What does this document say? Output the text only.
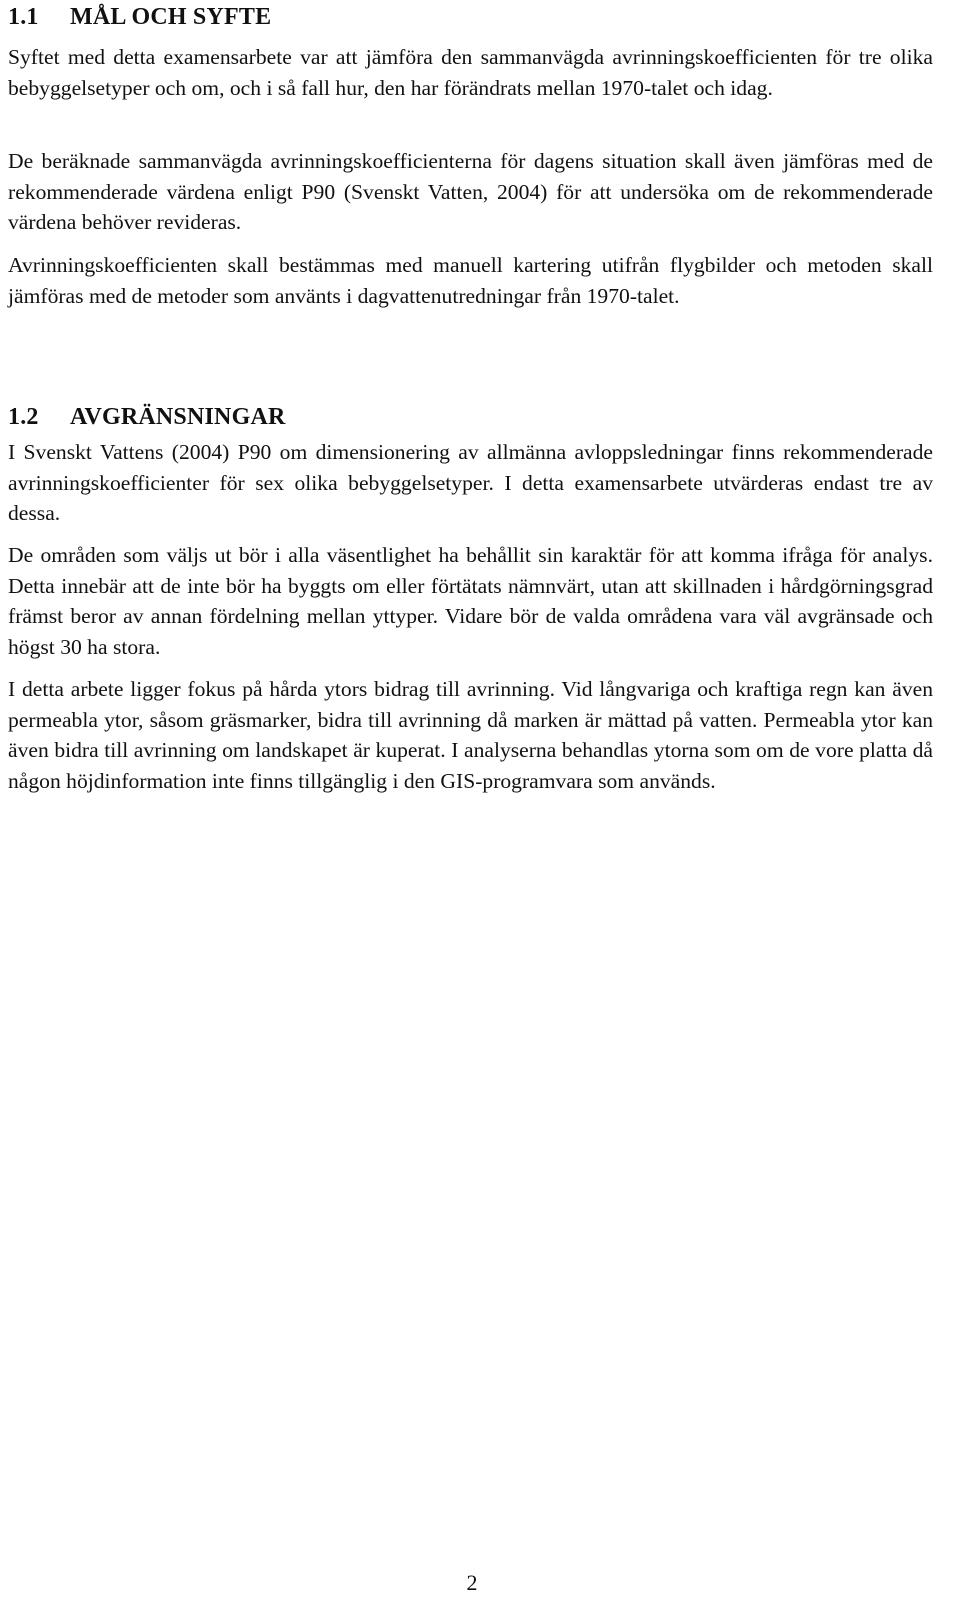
1.1 MÅL OCH SYFTE

Syftet med detta examensarbete var att jämföra den sammanvägda avrinningskoefficienten för tre olika bebyggelsetyper och om, och i så fall hur, den har förändrats mellan 1970-talet och idag.

De beräknade sammanvägda avrinningskoefficienterna för dagens situation skall även jämföras med de rekommenderade värdena enligt P90 (Svenskt Vatten, 2004) för att undersöka om de rekommenderade värdena behöver revideras.

Avrinningskoefficienten skall bestämmas med manuell kartering utifrån flygbilder och metoden skall jämföras med de metoder som använts i dagvattenutredningar från 1970-talet.

1.2 AVGRÄNSNINGAR

I Svenskt Vattens (2004) P90 om dimensionering av allmänna avloppsledningar finns rekommenderade avrinningskoefficienter för sex olika bebyggelsetyper. I detta examensarbete utvärderas endast tre av dessa.

De områden som väljs ut bör i alla väsentlighet ha behållit sin karaktär för att komma ifråga för analys. Detta innebär att de inte bör ha byggts om eller förtätats nämnvärt, utan att skillnaden i hårdgörningsgrad främst beror av annan fördelning mellan yttyper. Vidare bör de valda områdena vara väl avgränsade och högst 30 ha stora.

I detta arbete ligger fokus på hårda ytors bidrag till avrinning. Vid långvariga och kraftiga regn kan även permeabla ytor, såsom gräsmarker, bidra till avrinning då marken är mättad på vatten. Permeabla ytor kan även bidra till avrinning om landskapet är kuperat. I analyserna behandlas ytorna som om de vore platta då någon höjdinformation inte finns tillgänglig i den GIS-programvara som används.

2
